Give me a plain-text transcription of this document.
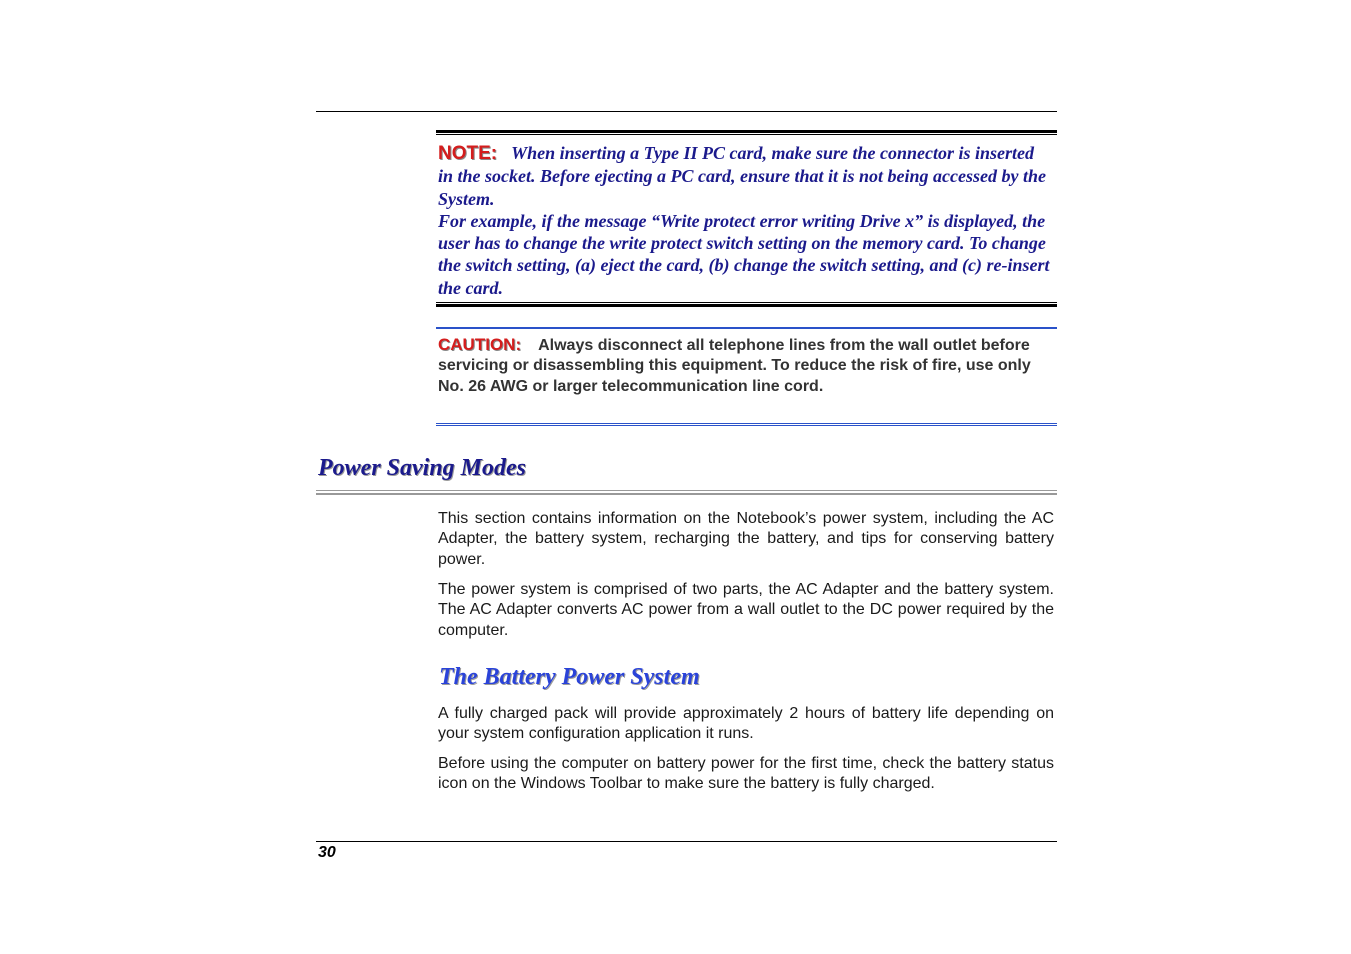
NOTE: When inserting a Type II PC card, make sure the connector is inserted in the socket. Before ejecting a PC card, ensure that it is not being accessed by the System.
For example, if the message “Write protect error writing Drive x” is displayed, the user has to change the write protect switch setting on the memory card. To change the switch setting, (a) eject the card, (b) change the switch setting, and (c) re-insert the card.
CAUTION: Always disconnect all telephone lines from the wall outlet before servicing or disassembling this equipment. To reduce the risk of fire, use only No. 26 AWG or larger telecommunication line cord.
Power Saving Modes

This section contains information on the Notebook’s power system, including the AC Adapter, the battery system, recharging the battery, and tips for conserving battery power.

The power system is comprised of two parts, the AC Adapter and the battery system. The AC Adapter converts AC power from a wall outlet to the DC power required by the computer.

The Battery Power System

A fully charged pack will provide approximately 2 hours of battery life depending on your system configuration application it runs.

Before using the computer on battery power for the first time, check the battery status icon on the Windows Toolbar to make sure the battery is fully charged.

30
